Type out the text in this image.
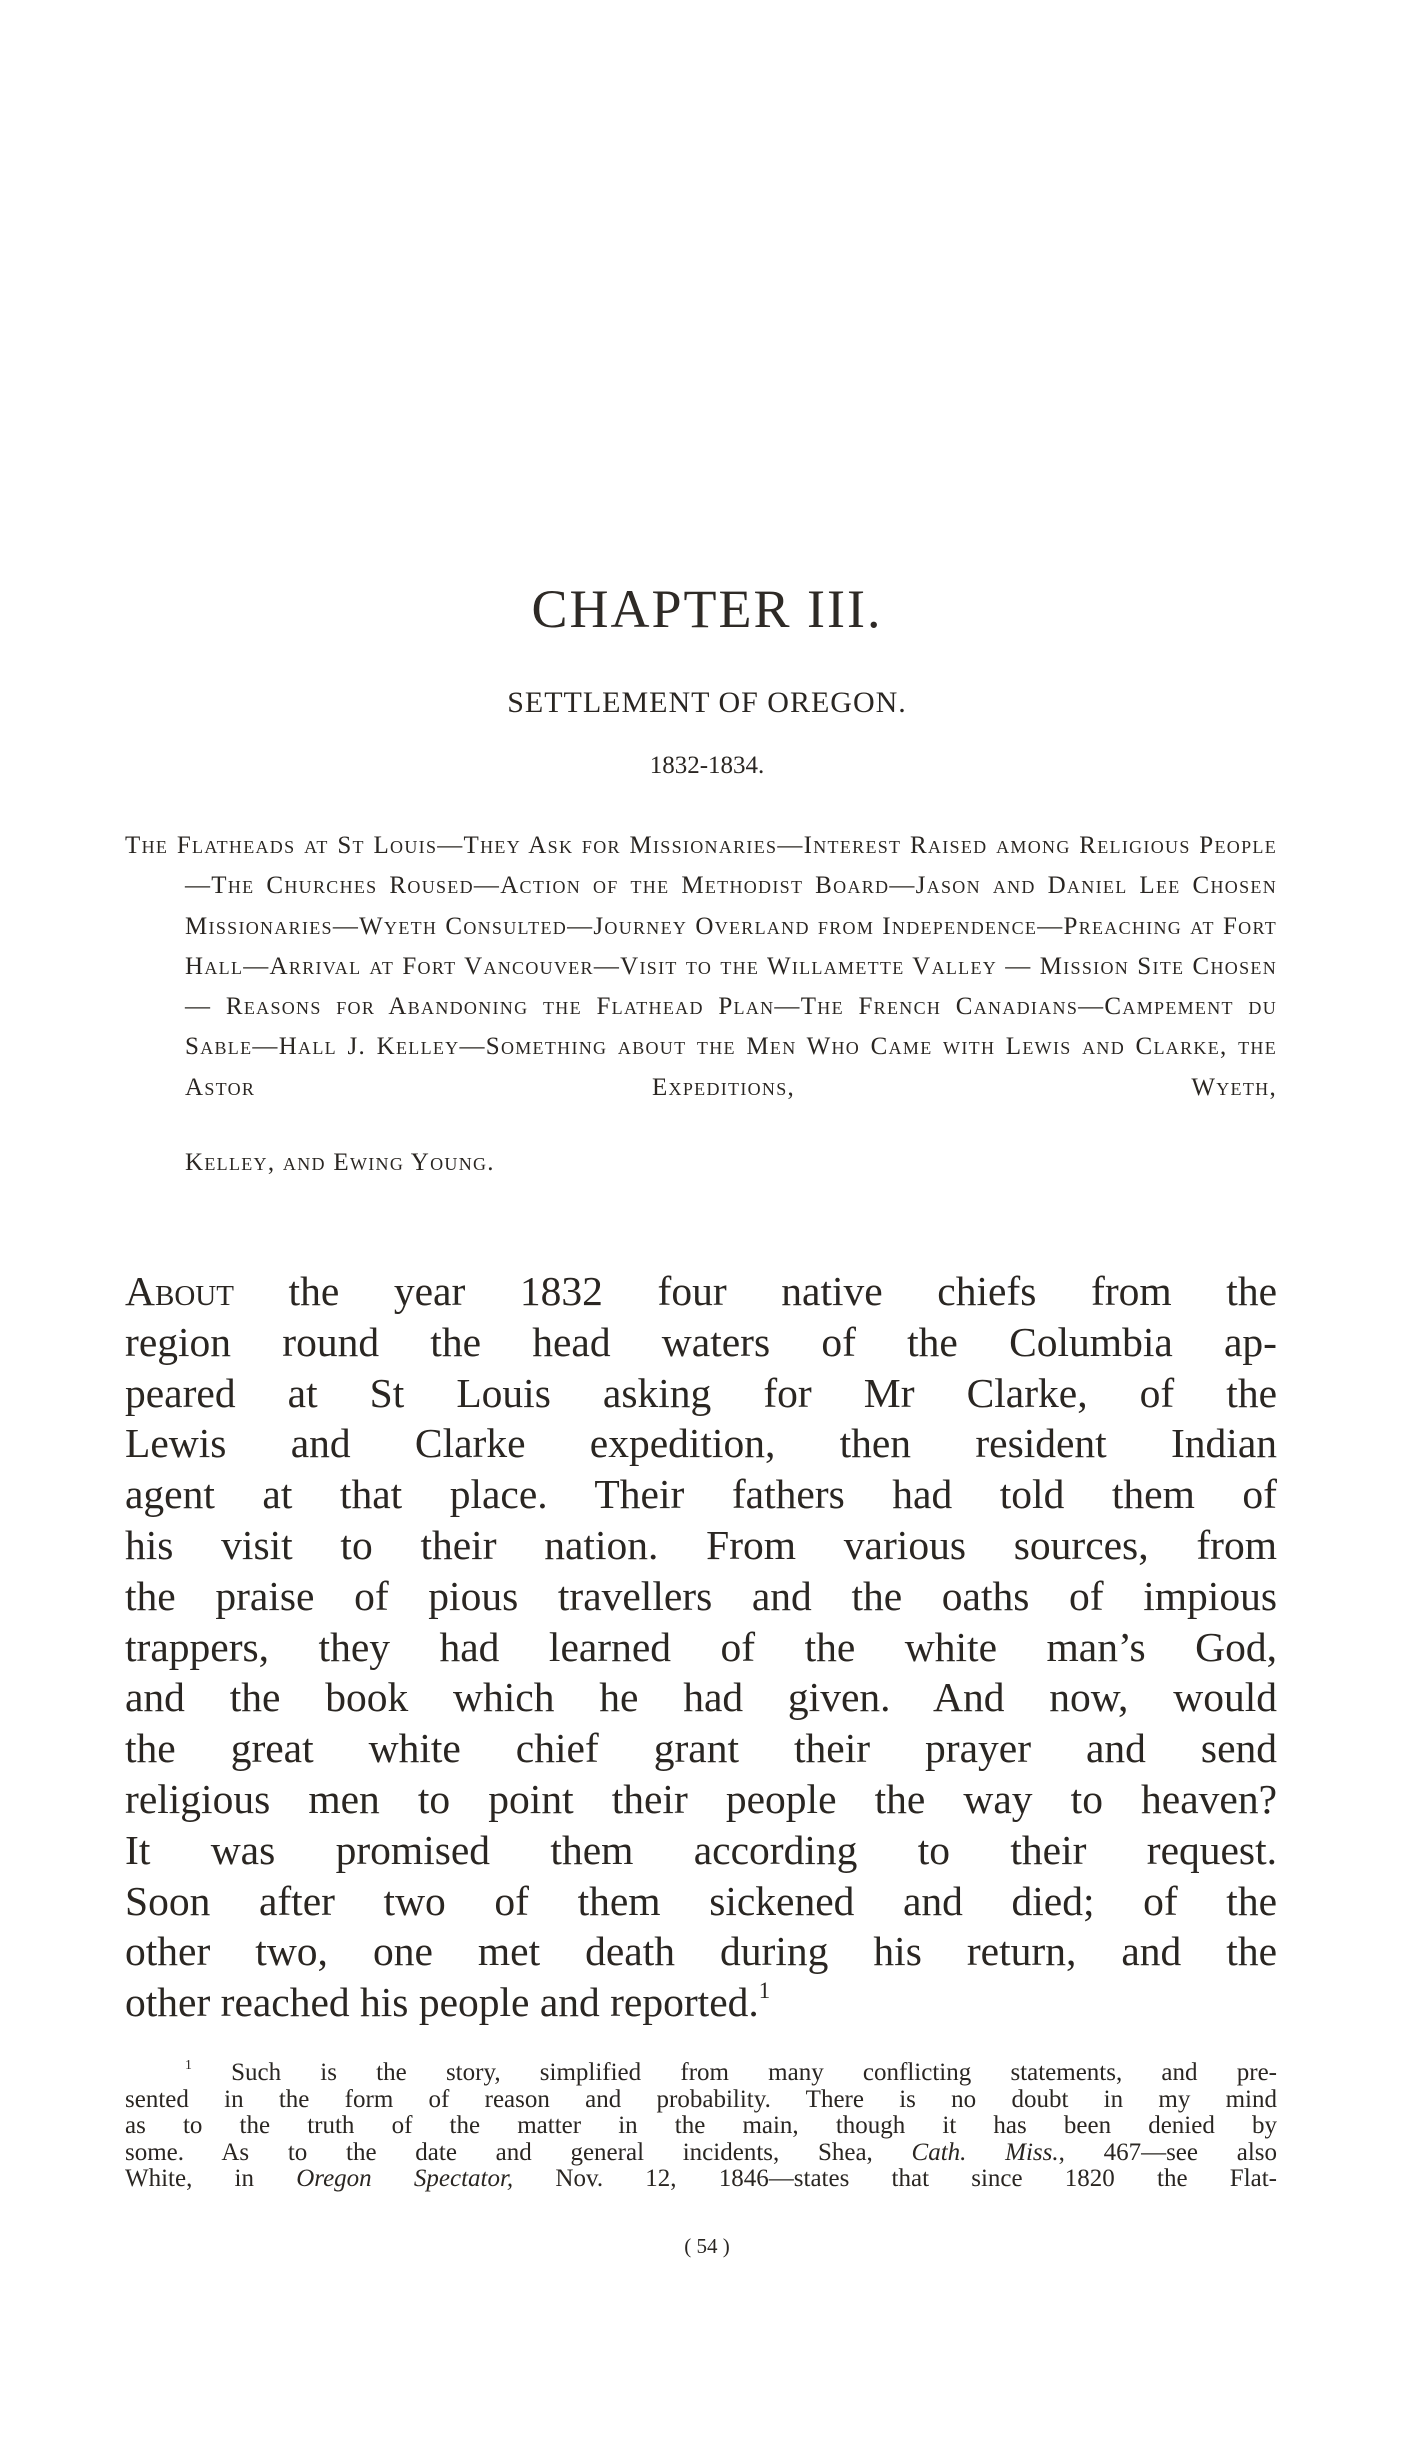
CHAPTER III.

SETTLEMENT OF OREGON.

1832-1834.

The Flatheads at St Louis—They Ask for Missionaries—Interest Raised among Religious People—The Churches Roused—Action of the Methodist Board—Jason and Daniel Lee Chosen Missionaries—Wyeth Consulted—Journey Overland from Independence—Preaching at Fort Hall—Arrival at Fort Vancouver—Visit to the Willamette Valley — Mission Site Chosen — Reasons for Abandoning the Flathead Plan—The French Canadians—Campement du Sable—Hall J. Kelley—Something about the Men Who Came with Lewis and Clarke, the Astor Expeditions, Wyeth,

Kelley, and Ewing Young.

About the year 1832 four native chiefs from the
region round the head waters of the Columbia ap-
peared at St Louis asking for Mr Clarke, of the
Lewis and Clarke expedition, then resident Indian
agent at that place. Their fathers had told them of
his visit to their nation. From various sources, from
the praise of pious travellers and the oaths of impious
trappers, they had learned of the white man’s God,
and the book which he had given. And now, would
the great white chief grant their prayer and send
religious men to point their people the way to heaven?
It was promised them according to their request.
Soon after two of them sickened and died; of the
other two, one met death during his return, and the
other reached his people and reported.$^1$
$^1$ Such is the story, simplified from many conflicting statements, and pre-
sented in the form of reason and probability. There is no doubt in my mind
as to the truth of the matter in the main, though it has been denied by
some. As to the date and general incidents, Shea, Cath. Miss., 467—see also
White, in Oregon Spectator, Nov. 12, 1846—states that since 1820 the Flat-

( 54 )
